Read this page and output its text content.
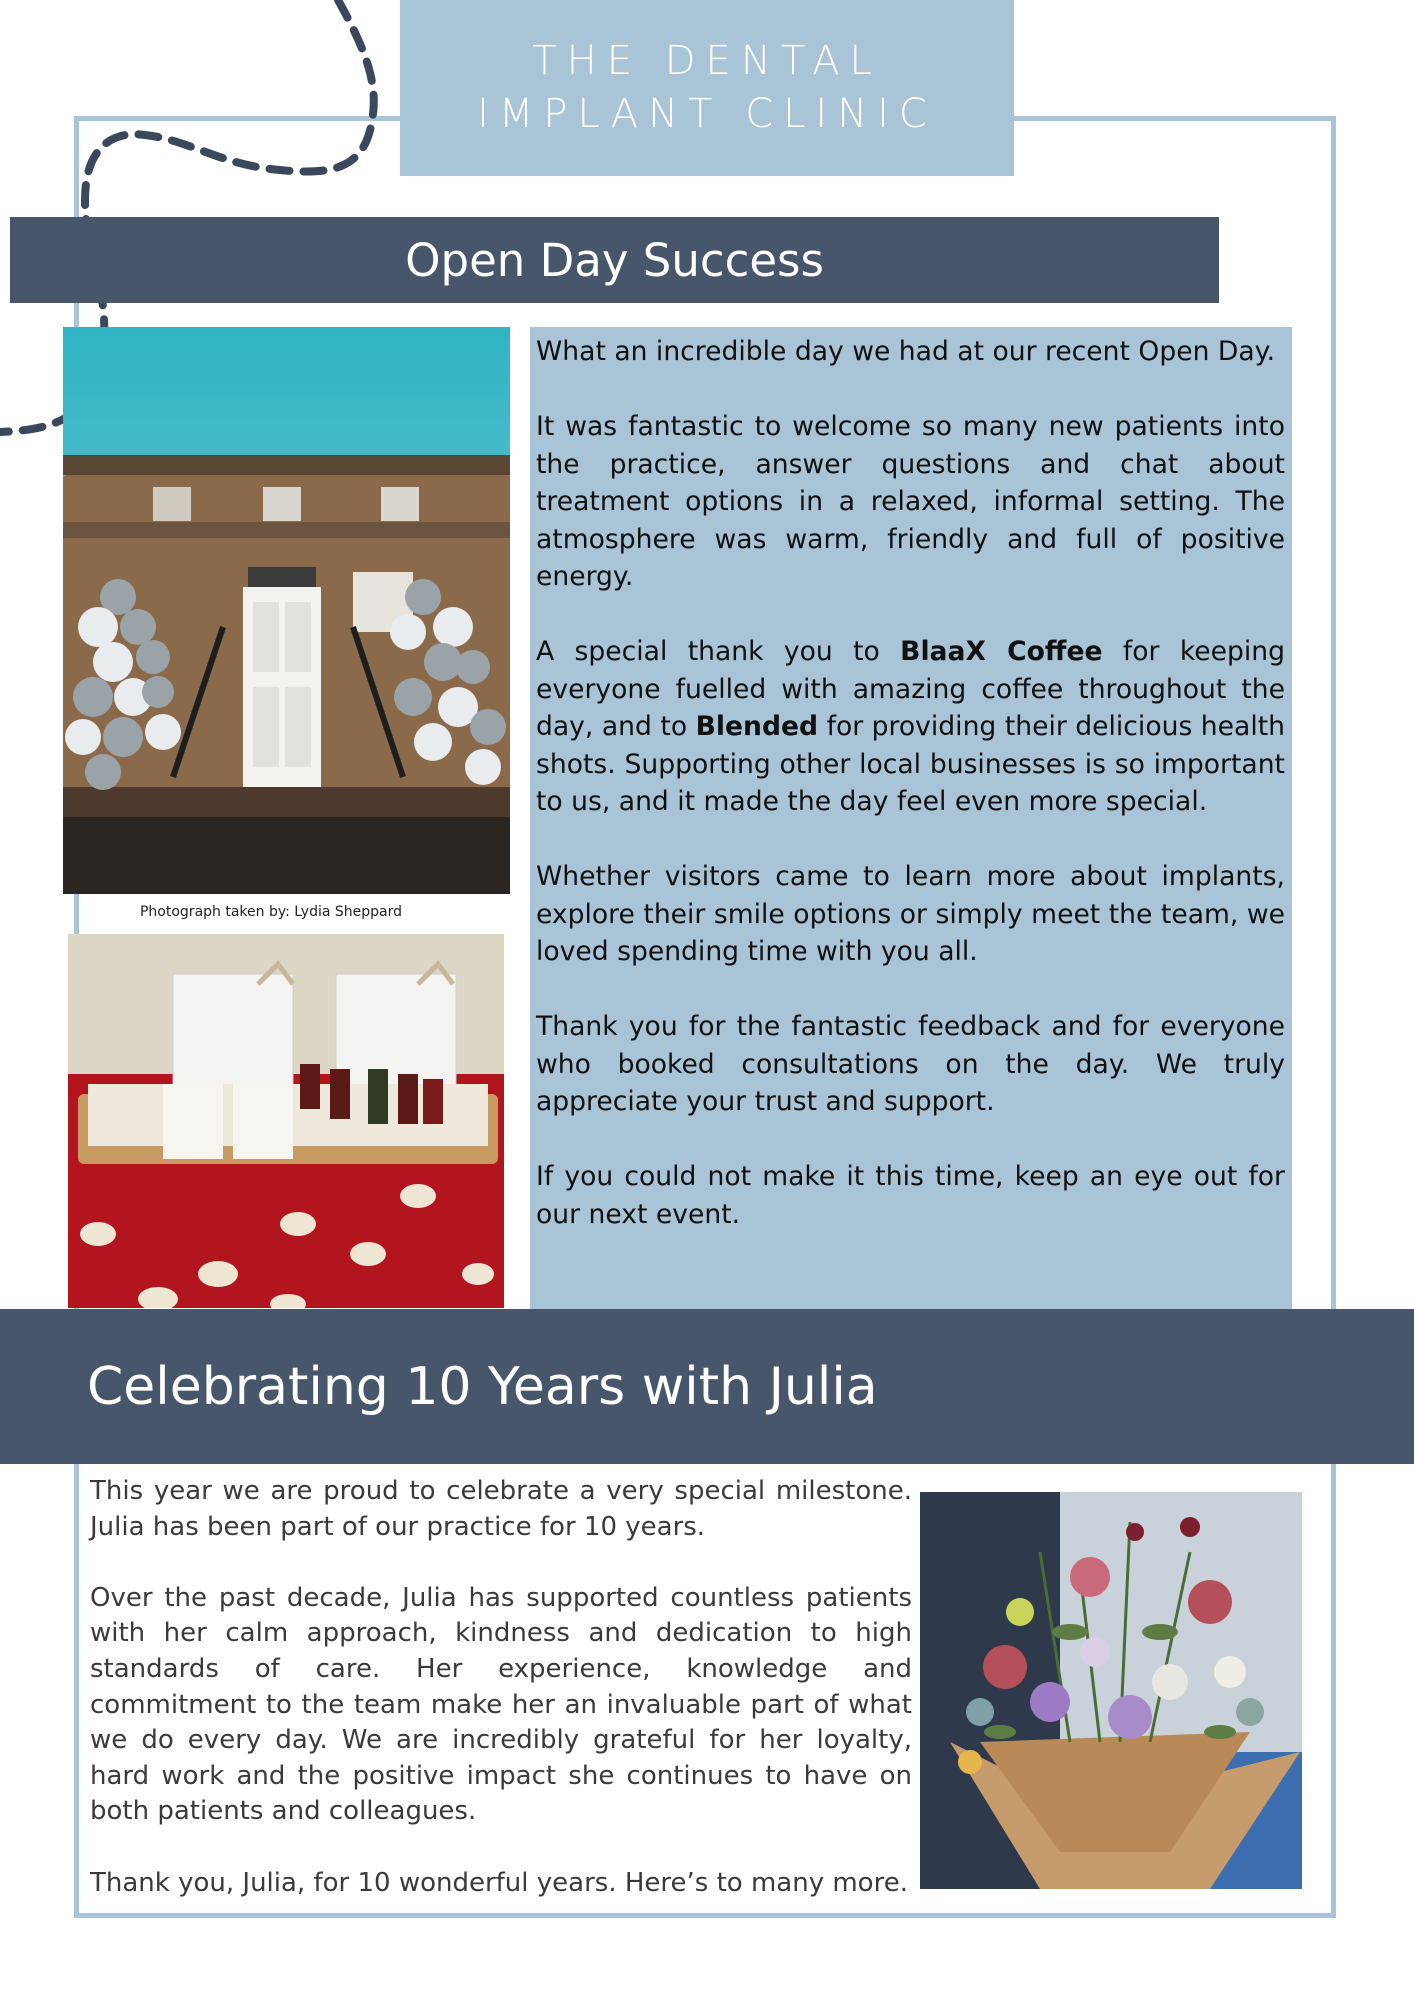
THE DENTAL
IMPLANT CLINIC
Open Day Success
Photograph taken by: Lydia Sheppard

What an incredible day we had at our recent Open Day.

It was fantastic to welcome so many new patients into the practice, answer questions and chat about treatment options in a relaxed, informal setting. The atmosphere was warm, friendly and full of positive energy.

A special thank you to BlaaX Coffee for keeping everyone fuelled with amazing coffee throughout the day, and to Blended for providing their delicious health shots. Supporting other local businesses is so important to us, and it made the day feel even more special.

Whether visitors came to learn more about implants, explore their smile options or simply meet the team, we loved spending time with you all.

Thank you for the fantastic feedback and for everyone who booked consultations on the day. We truly appreciate your trust and support.

If you could not make it this time, keep an eye out for our next event.

Celebrating 10 Years with Julia

This year we are proud to celebrate a very special milestone. Julia has been part of our practice for 10 years.

Over the past decade, Julia has supported countless patients with her calm approach, kindness and dedication to high standards of care. Her experience, knowledge and commitment to the team make her an invaluable part of what we do every day. We are incredibly grateful for her loyalty, hard work and the positive impact she continues to have on both patients and colleagues.

Thank you, Julia, for 10 wonderful years. Here’s to many more.
